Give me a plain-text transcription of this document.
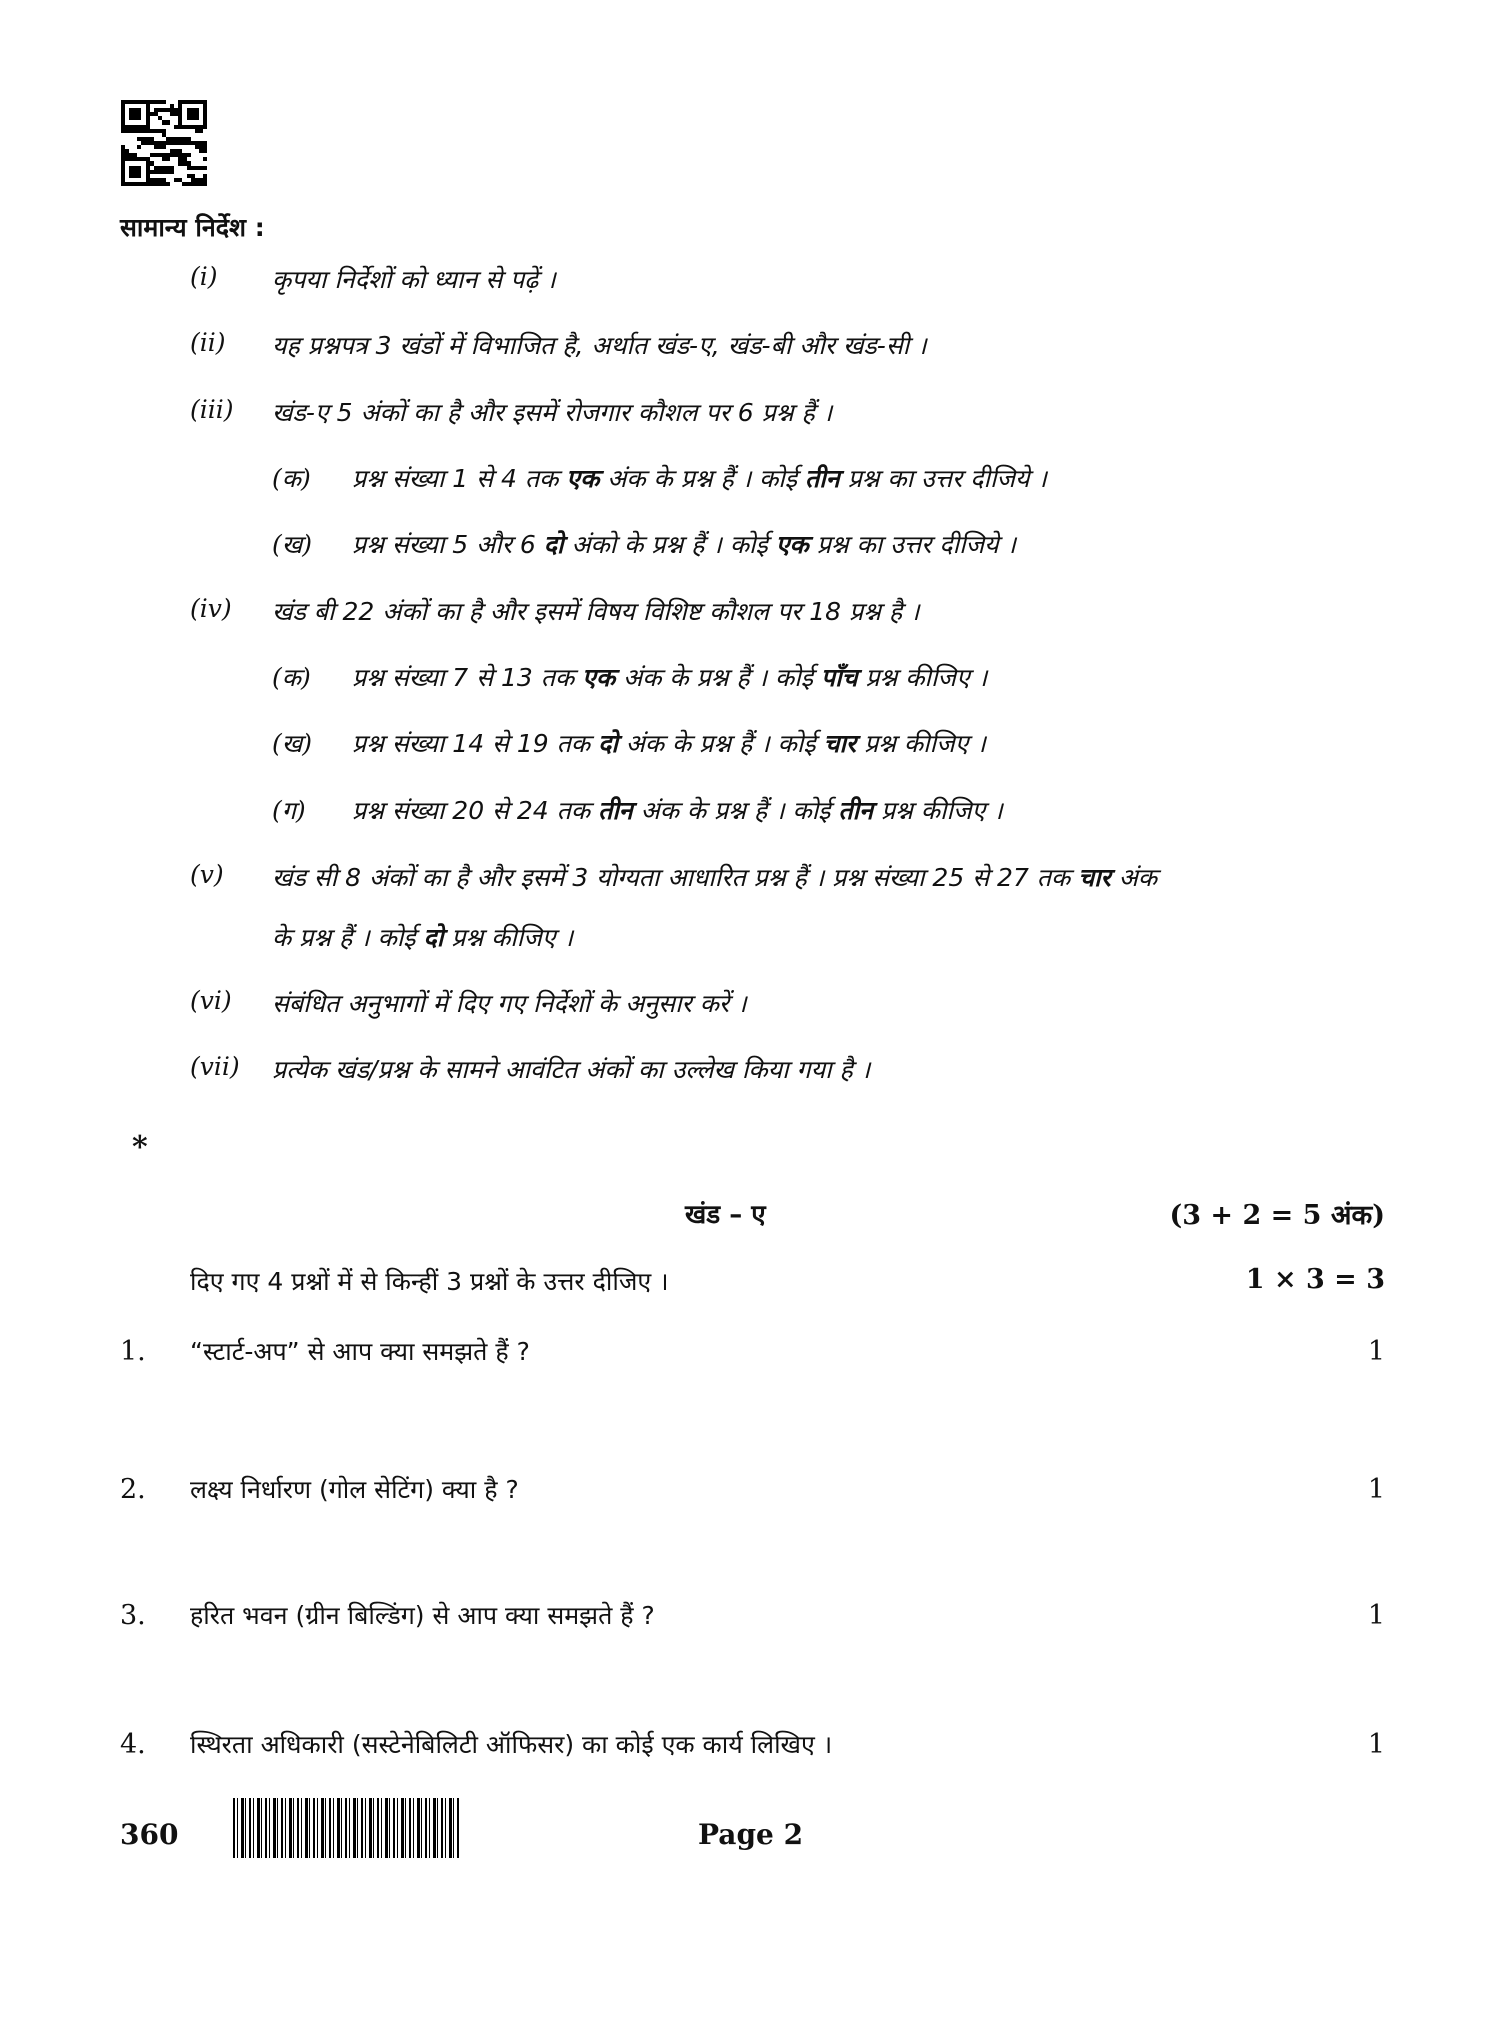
सामान्य निर्देश :
(i)	कृपया निर्देशों को ध्यान से पढ़ें ।
(ii)	यह प्रश्नपत्र 3 खंडों में विभाजित है, अर्थात खंड-ए, खंड-बी और खंड-सी ।
(iii)	खंड-ए 5 अंकों का है और इसमें रोजगार कौशल पर 6 प्रश्न हैं ।
(क)	प्रश्न संख्या 1 से 4 तक एक अंक के प्रश्न हैं । कोई तीन प्रश्न का उत्तर दीजिये ।
(ख)	प्रश्न संख्या 5 और 6 दो अंको के प्रश्न हैं । कोई एक प्रश्न का उत्तर दीजिये ।
(iv)	खंड बी 22 अंकों का है और इसमें विषय विशिष्ट कौशल पर 18 प्रश्न है ।
(क)	प्रश्न संख्या 7 से 13 तक एक अंक के प्रश्न हैं । कोई पाँच प्रश्न कीजिए ।
(ख)	प्रश्न संख्या 14 से 19 तक दो अंक के प्रश्न हैं । कोई चार प्रश्न कीजिए ।
(ग)	प्रश्न संख्या 20 से 24 तक तीन अंक के प्रश्न हैं । कोई तीन प्रश्न कीजिए ।
(v)	खंड सी 8 अंकों का है और इसमें 3 योग्यता आधारित प्रश्न हैं । प्रश्न संख्या 25 से 27 तक चार अंक
के प्रश्न हैं । कोई दो प्रश्न कीजिए ।
(vi)	संबंधित अनुभागों में दिए गए निर्देशों के अनुसार करें ।
(vii)	प्रत्येक खंड/प्रश्न के सामने आवंटित अंकों का उल्लेख किया गया है ।
*
खंड – ए	(3 + 2 = 5 अंक)
दिए गए 4 प्रश्नों में से किन्हीं 3 प्रश्नों के उत्तर दीजिए ।	1 × 3 = 3
1.	“स्टार्ट-अप” से आप क्या समझते हैं ?	1
2.	लक्ष्य निर्धारण (गोल सेटिंग) क्या है ?	1
3.	हरित भवन (ग्रीन बिल्डिंग) से आप क्या समझते हैं ?	1
4.	स्थिरता अधिकारी (सस्टेनेबिलिटी ऑफिसर) का कोई एक कार्य लिखिए ।	1
360	Page 2
